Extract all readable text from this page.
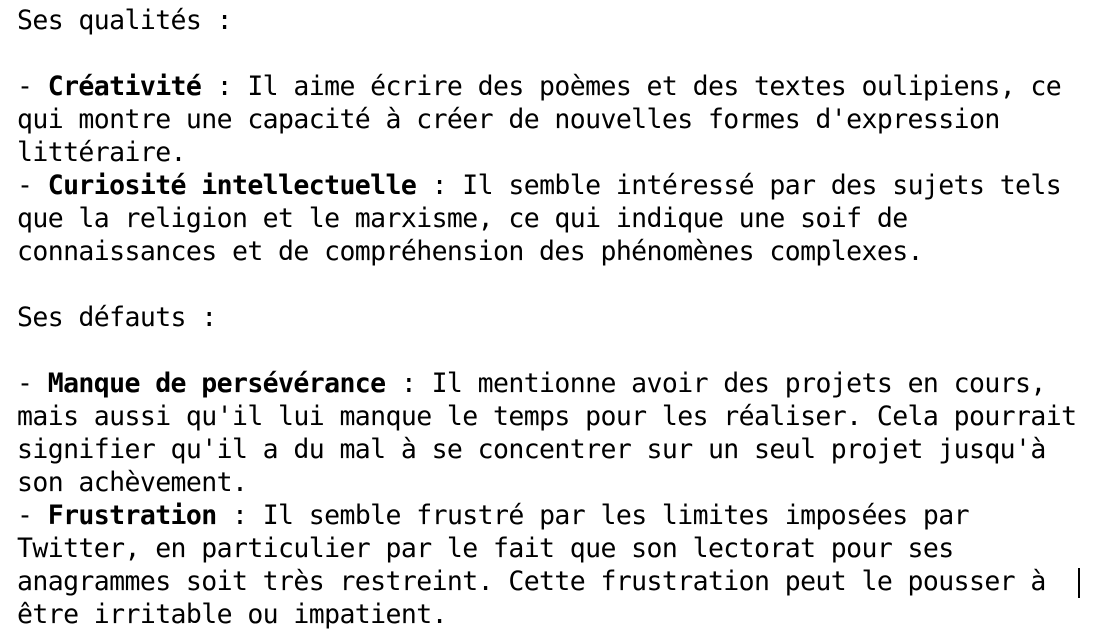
Ses qualités :
- Créativité : Il aime écrire des poèmes et des textes oulipiens, ce
qui montre une capacité à créer de nouvelles formes d'expression
littéraire.
- Curiosité intellectuelle : Il semble intéressé par des sujets tels
que la religion et le marxisme, ce qui indique une soif de
connaissances et de compréhension des phénomènes complexes.
Ses défauts :
- Manque de persévérance : Il mentionne avoir des projets en cours,
mais aussi qu'il lui manque le temps pour les réaliser. Cela pourrait
signifier qu'il a du mal à se concentrer sur un seul projet jusqu'à
son achèvement.
- Frustration : Il semble frustré par les limites imposées par
Twitter, en particulier par le fait que son lectorat pour ses
anagrammes soit très restreint. Cette frustration peut le pousser à
être irritable ou impatient.
